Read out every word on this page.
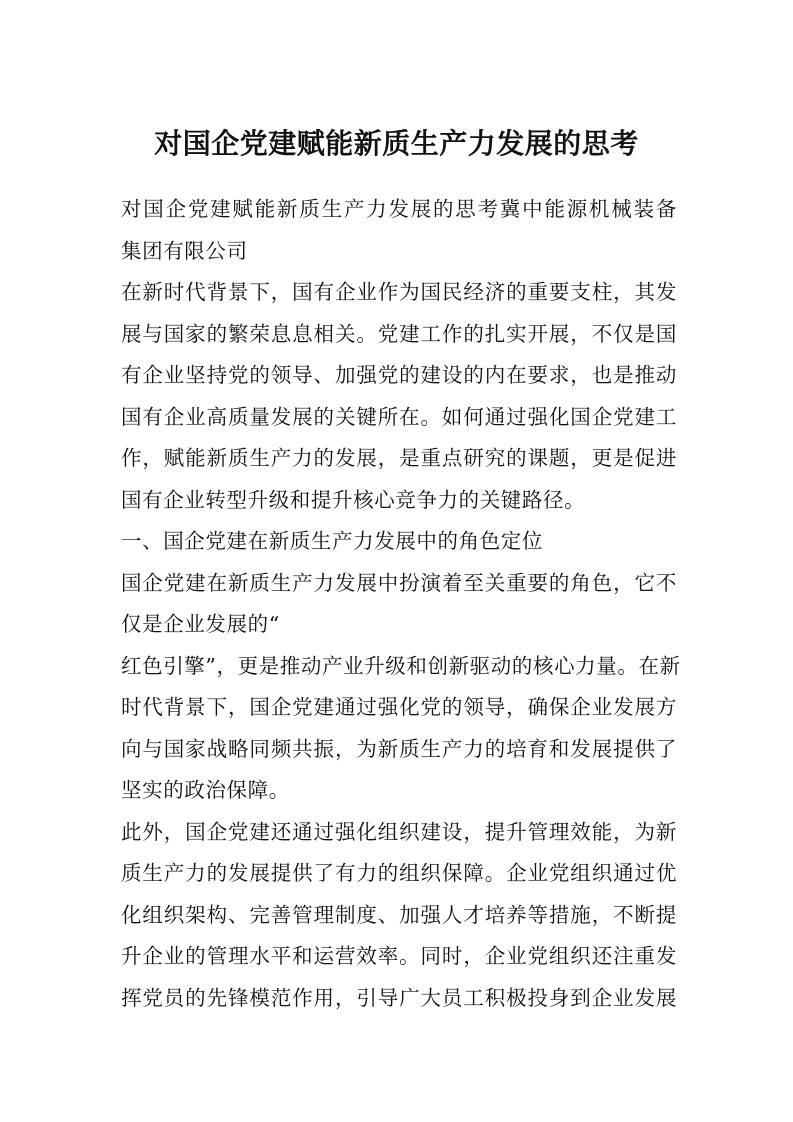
对国企党建赋能新质生产力发展的思考
对国企党建赋能新质生产力发展的思考冀中能源机械装备
集团有限公司
在新时代背景下，国有企业作为国民经济的重要支柱，其发
展与国家的繁荣息息相关。党建工作的扎实开展，不仅是国
有企业坚持党的领导、加强党的建设的内在要求，也是推动
国有企业高质量发展的关键所在。如何通过强化国企党建工
作，赋能新质生产力的发展，是重点研究的课题，更是促进
国有企业转型升级和提升核心竞争力的关键路径。
一、国企党建在新质生产力发展中的角色定位
国企党建在新质生产力发展中扮演着至关重要的角色，它不
仅是企业发展的“
红色引擎”，更是推动产业升级和创新驱动的核心力量。在新
时代背景下，国企党建通过强化党的领导，确保企业发展方
向与国家战略同频共振，为新质生产力的培育和发展提供了
坚实的政治保障。
此外，国企党建还通过强化组织建设，提升管理效能，为新
质生产力的发展提供了有力的组织保障。企业党组织通过优
化组织架构、完善管理制度、加强人才培养等措施，不断提
升企业的管理水平和运营效率。同时，企业党组织还注重发
挥党员的先锋模范作用，引导广大员工积极投身到企业发展
